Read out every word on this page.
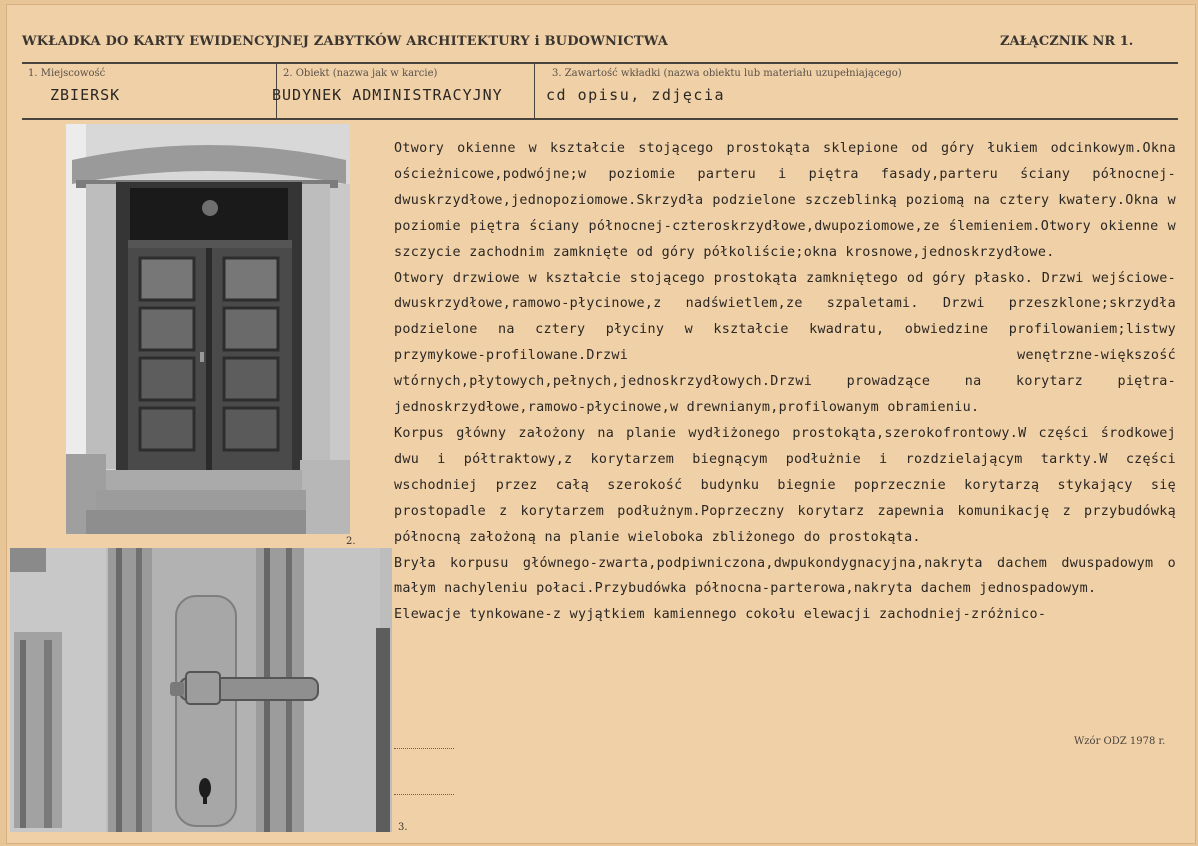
WKŁADKA DO KARTY EWIDENCYJNEJ ZABYTKÓW ARCHITEKTURY i BUDOWNICTWA	ZAŁĄCZNIK NR 1.
1. Miejscowość
ZBIERSK
2. Obiekt (nazwa jak w karcie)
BUDYNEK ADMINISTRACYJNY
3. Zawartość wkładki (nazwa obiektu lub materiału uzupełniającego)
cd opisu, zdjęcia
2.
3.

Otwory okienne w kształcie stojącego prostokąta sklepione od góry łukiem odcinkowym.Okna ościeżnicowe,podwójne;w poziomie parteru i piętra fasady,parteru ściany północnej-dwuskrzydłowe,jednopoziomowe.Skrzydła podzielone szczeblinką poziomą na cztery kwatery.Okna w poziomie piętra ściany północnej-czteroskrzydłowe,dwupoziomowe,ze ślemieniem.Otwory okienne w szczycie zachodnim zamknięte od góry półkoliście;okna krosnowe,jednoskrzydłowe.

Otwory drzwiowe w kształcie stojącego prostokąta zamkniętego od góry płasko. Drzwi wejściowe-dwuskrzydłowe,ramowo-płycinowe,z nadświetlem,ze szpaletami. Drzwi przeszklone;skrzydła podzielone na cztery płyciny w kształcie kwadratu, obwiedzine profilowaniem;listwy przymykowe-profilowane.Drzwi wenętrzne-większość wtórnych,płytowych,pełnych,jednoskrzydłowych.Drzwi prowadzące na korytarz piętra-jednoskrzydłowe,ramowo-płycinowe,w drewnianym,profilowanym obramieniu.

Korpus główny założony na planie wydłiżonego prostokąta,szerokofrontowy.W części środkowej dwu i półtraktowy,z korytarzem biegnącym podłużnie i rozdzielającym tarkty.W części wschodniej przez całą szerokość budynku biegnie poprzecznie korytarzą stykający się prostopadle z korytarzem podłużnym.Poprzeczny korytarz zapewnia komunikację z przybudówką północną założoną na planie wieloboka zbliżonego do prostokąta.

Bryła korpusu głównego-zwarta,podpiwniczona,dwpukondygnacyjna,nakryta dachem dwuspadowym o małym nachyleniu połaci.Przybudówka północna-parterowa,nakryta dachem jednospadowym.

Elewacje tynkowane-z wyjątkiem kamiennego cokołu elewacji zachodniej-zróżnico-

Wzór ODZ 1978 r.
